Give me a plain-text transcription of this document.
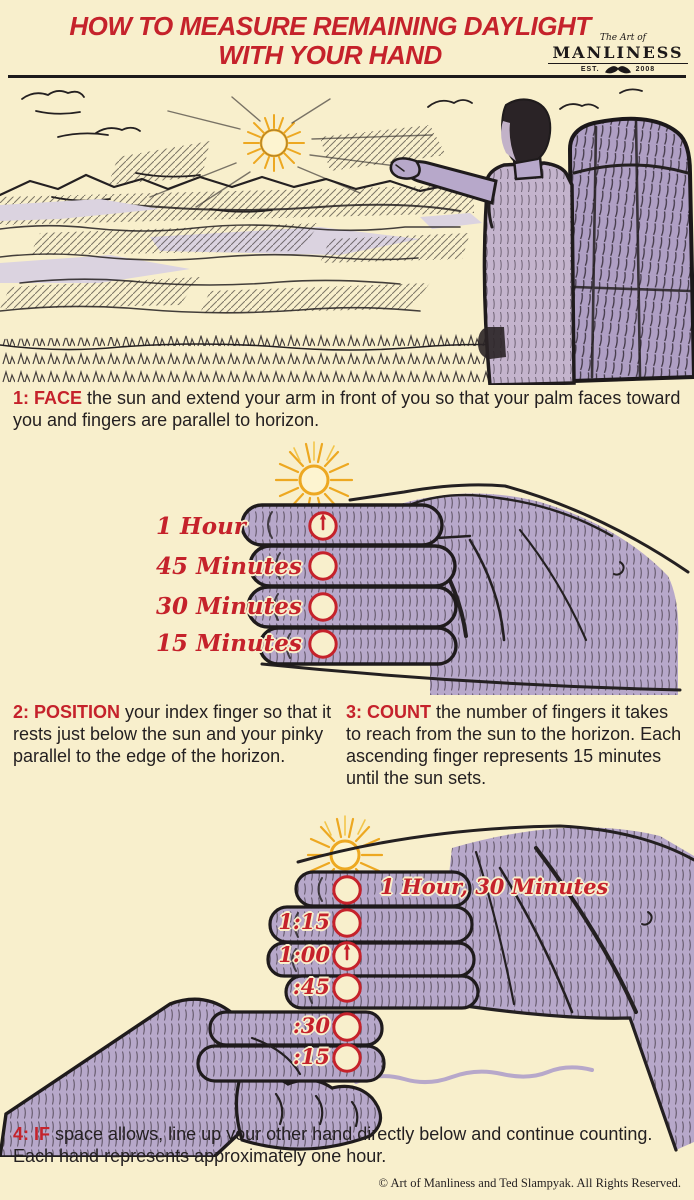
HOW TO MEASURE REMAINING DAYLIGHT
WITH YOUR HAND
The Art of
MANLINESS
EST.	2008

1: FACE the sun and extend your arm in front of you so that your palm faces toward you and fingers are parallel to horizon.

1 Hour
45 Minutes
30 Minutes
15 Minutes

2: POSITION your index finger so that it rests just below the sun and your pinky parallel to the edge of the horizon.

3: COUNT the number of fingers it takes to reach from the sun to the horizon. Each ascending finger represents 15 minutes until the sun sets.

1 Hour, 30 Minutes
1:15
1:00
:45
:30
:15

4: IF space allows, line up your other hand directly below and continue counting. Each hand represents approximately one hour.

© Art of Manliness and Ted Slampyak. All Rights Reserved.
